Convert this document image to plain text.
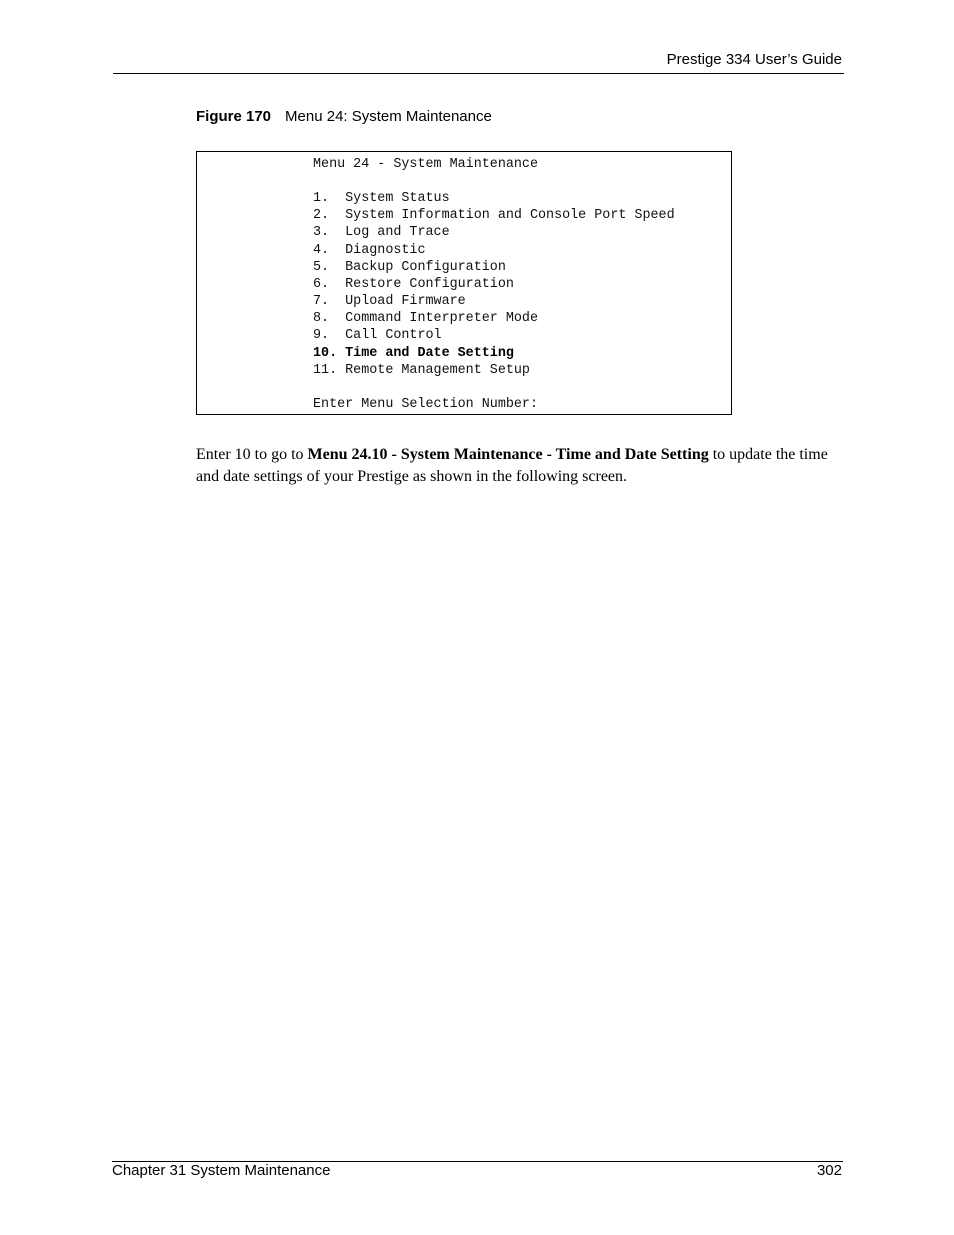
Prestige 334 User’s Guide
Figure 170 Menu 24: System Maintenance

Menu 24 - System Maintenance

1.  System Status

2.  System Information and Console Port Speed

3.  Log and Trace

4.  Diagnostic

5.  Backup Configuration

6.  Restore Configuration

7.  Upload Firmware

8.  Command Interpreter Mode

9.  Call Control

10. Time and Date Setting

11. Remote Management Setup

Enter Menu Selection Number:

Enter 10 to go to Menu 24.10 - System Maintenance - Time and Date Setting to update the time and date settings of your Prestige as shown in the following screen.
Chapter 31 System Maintenance	302
